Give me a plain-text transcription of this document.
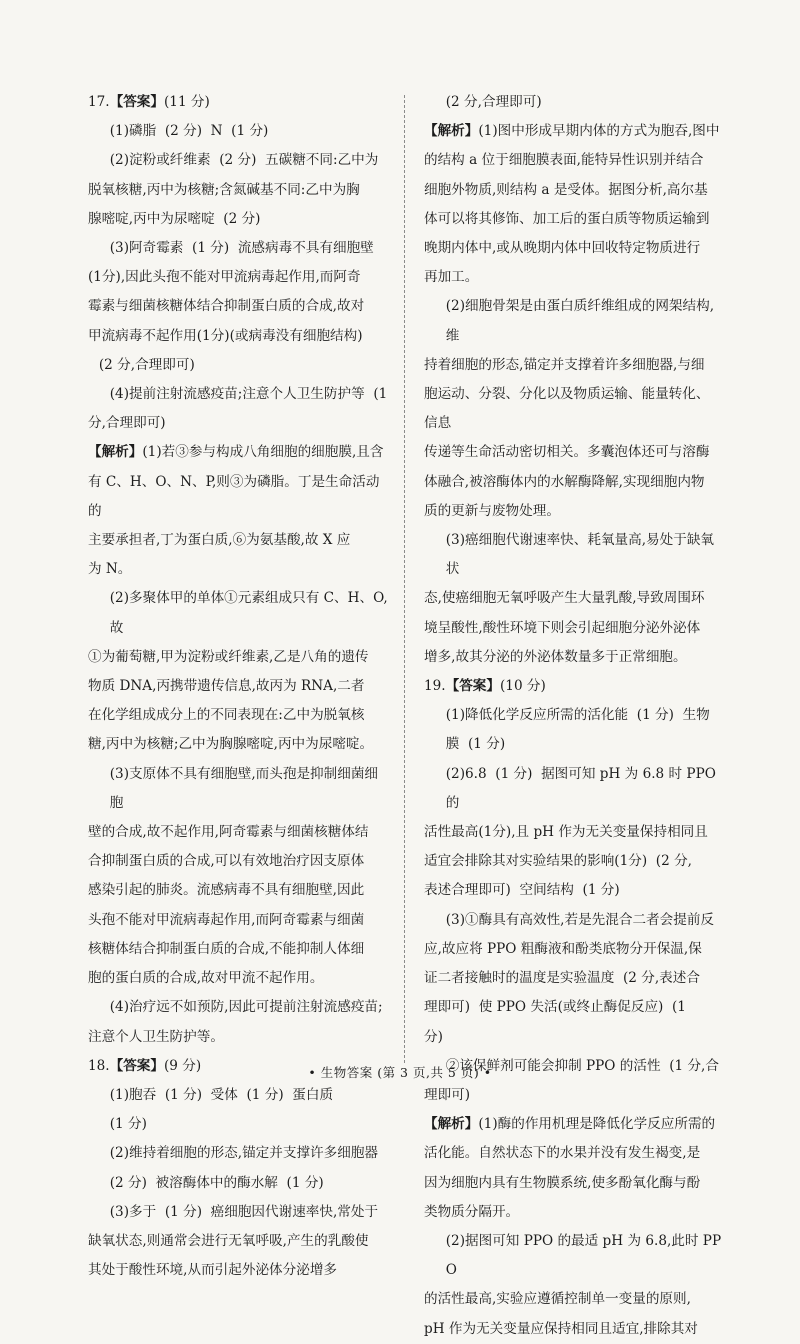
17.【答案】(11 分)

(1)磷脂  (2 分)  N  (1 分)

(2)淀粉或纤维素  (2 分)  五碳糖不同:乙中为

脱氧核糖,丙中为核糖;含氮碱基不同:乙中为胸

腺嘧啶,丙中为尿嘧啶  (2 分)

(3)阿奇霉素  (1 分)  流感病毒不具有细胞壁

(1分),因此头孢不能对甲流病毒起作用,而阿奇

霉素与细菌核糖体结合抑制蛋白质的合成,故对

甲流病毒不起作用(1分)(或病毒没有细胞结构)

(2 分,合理即可)

(4)提前注射流感疫苗;注意个人卫生防护等  (1

分,合理即可)

【解析】(1)若③参与构成八角细胞的细胞膜,且含

有 C、H、O、N、P,则③为磷脂。丁是生命活动的

主要承担者,丁为蛋白质,⑥为氨基酸,故 X 应

为 N。

(2)多聚体甲的单体①元素组成只有 C、H、O,故

①为葡萄糖,甲为淀粉或纤维素,乙是八角的遗传

物质 DNA,丙携带遗传信息,故丙为 RNA,二者

在化学组成成分上的不同表现在:乙中为脱氧核

糖,丙中为核糖;乙中为胸腺嘧啶,丙中为尿嘧啶。

(3)支原体不具有细胞壁,而头孢是抑制细菌细胞

壁的合成,故不起作用,阿奇霉素与细菌核糖体结

合抑制蛋白质的合成,可以有效地治疗因支原体

感染引起的肺炎。流感病毒不具有细胞壁,因此

头孢不能对甲流病毒起作用,而阿奇霉素与细菌

核糖体结合抑制蛋白质的合成,不能抑制人体细

胞的蛋白质的合成,故对甲流不起作用。

(4)治疗远不如预防,因此可提前注射流感疫苗;

注意个人卫生防护等。

18.【答案】(9 分)

(1)胞吞  (1 分)  受体  (1 分)  蛋白质

(1 分)

(2)维持着细胞的形态,锚定并支撑许多细胞器

(2 分)  被溶酶体中的酶水解  (1 分)

(3)多于  (1 分)  癌细胞因代谢速率快,常处于

缺氧状态,则通常会进行无氧呼吸,产生的乳酸使

其处于酸性环境,从而引起外泌体分泌增多

(2 分,合理即可)

【解析】(1)图中形成早期内体的方式为胞吞,图中

的结构 a 位于细胞膜表面,能特异性识别并结合

细胞外物质,则结构 a 是受体。据图分析,高尔基

体可以将其修饰、加工后的蛋白质等物质运输到

晚期内体中,或从晚期内体中回收特定物质进行

再加工。

(2)细胞骨架是由蛋白质纤维组成的网架结构,维

持着细胞的形态,锚定并支撑着许多细胞器,与细

胞运动、分裂、分化以及物质运输、能量转化、信息

传递等生命活动密切相关。多囊泡体还可与溶酶

体融合,被溶酶体内的水解酶降解,实现细胞内物

质的更新与废物处理。

(3)癌细胞代谢速率快、耗氧量高,易处于缺氧状

态,使癌细胞无氧呼吸产生大量乳酸,导致周围环

境呈酸性,酸性环境下则会引起细胞分泌外泌体

增多,故其分泌的外泌体数量多于正常细胞。

19.【答案】(10 分)

(1)降低化学反应所需的活化能  (1 分)  生物

膜  (1 分)

(2)6.8  (1 分)  据图可知 pH 为 6.8 时 PPO 的

活性最高(1分),且 pH 作为无关变量保持相同且

适宜会排除其对实验结果的影响(1分)  (2 分,

表述合理即可)  空间结构  (1 分)

(3)①酶具有高效性,若是先混合二者会提前反

应,故应将 PPO 粗酶液和酚类底物分开保温,保

证二者接触时的温度是实验温度  (2 分,表述合

理即可)  使 PPO 失活(或终止酶促反应)  (1

分)

②该保鲜剂可能会抑制 PPO 的活性  (1 分,合

理即可)

【解析】(1)酶的作用机理是降低化学反应所需的

活化能。自然状态下的水果并没有发生褐变,是

因为细胞内具有生物膜系统,使多酚氧化酶与酚

类物质分隔开。

(2)据图可知 PPO 的最适 pH 为 6.8,此时 PPO

的活性最高,实验应遵循控制单一变量的原则,

pH 作为无关变量应保持相同且适宜,排除其对

• 生物答案 (第 3 页,共 5 页) •
